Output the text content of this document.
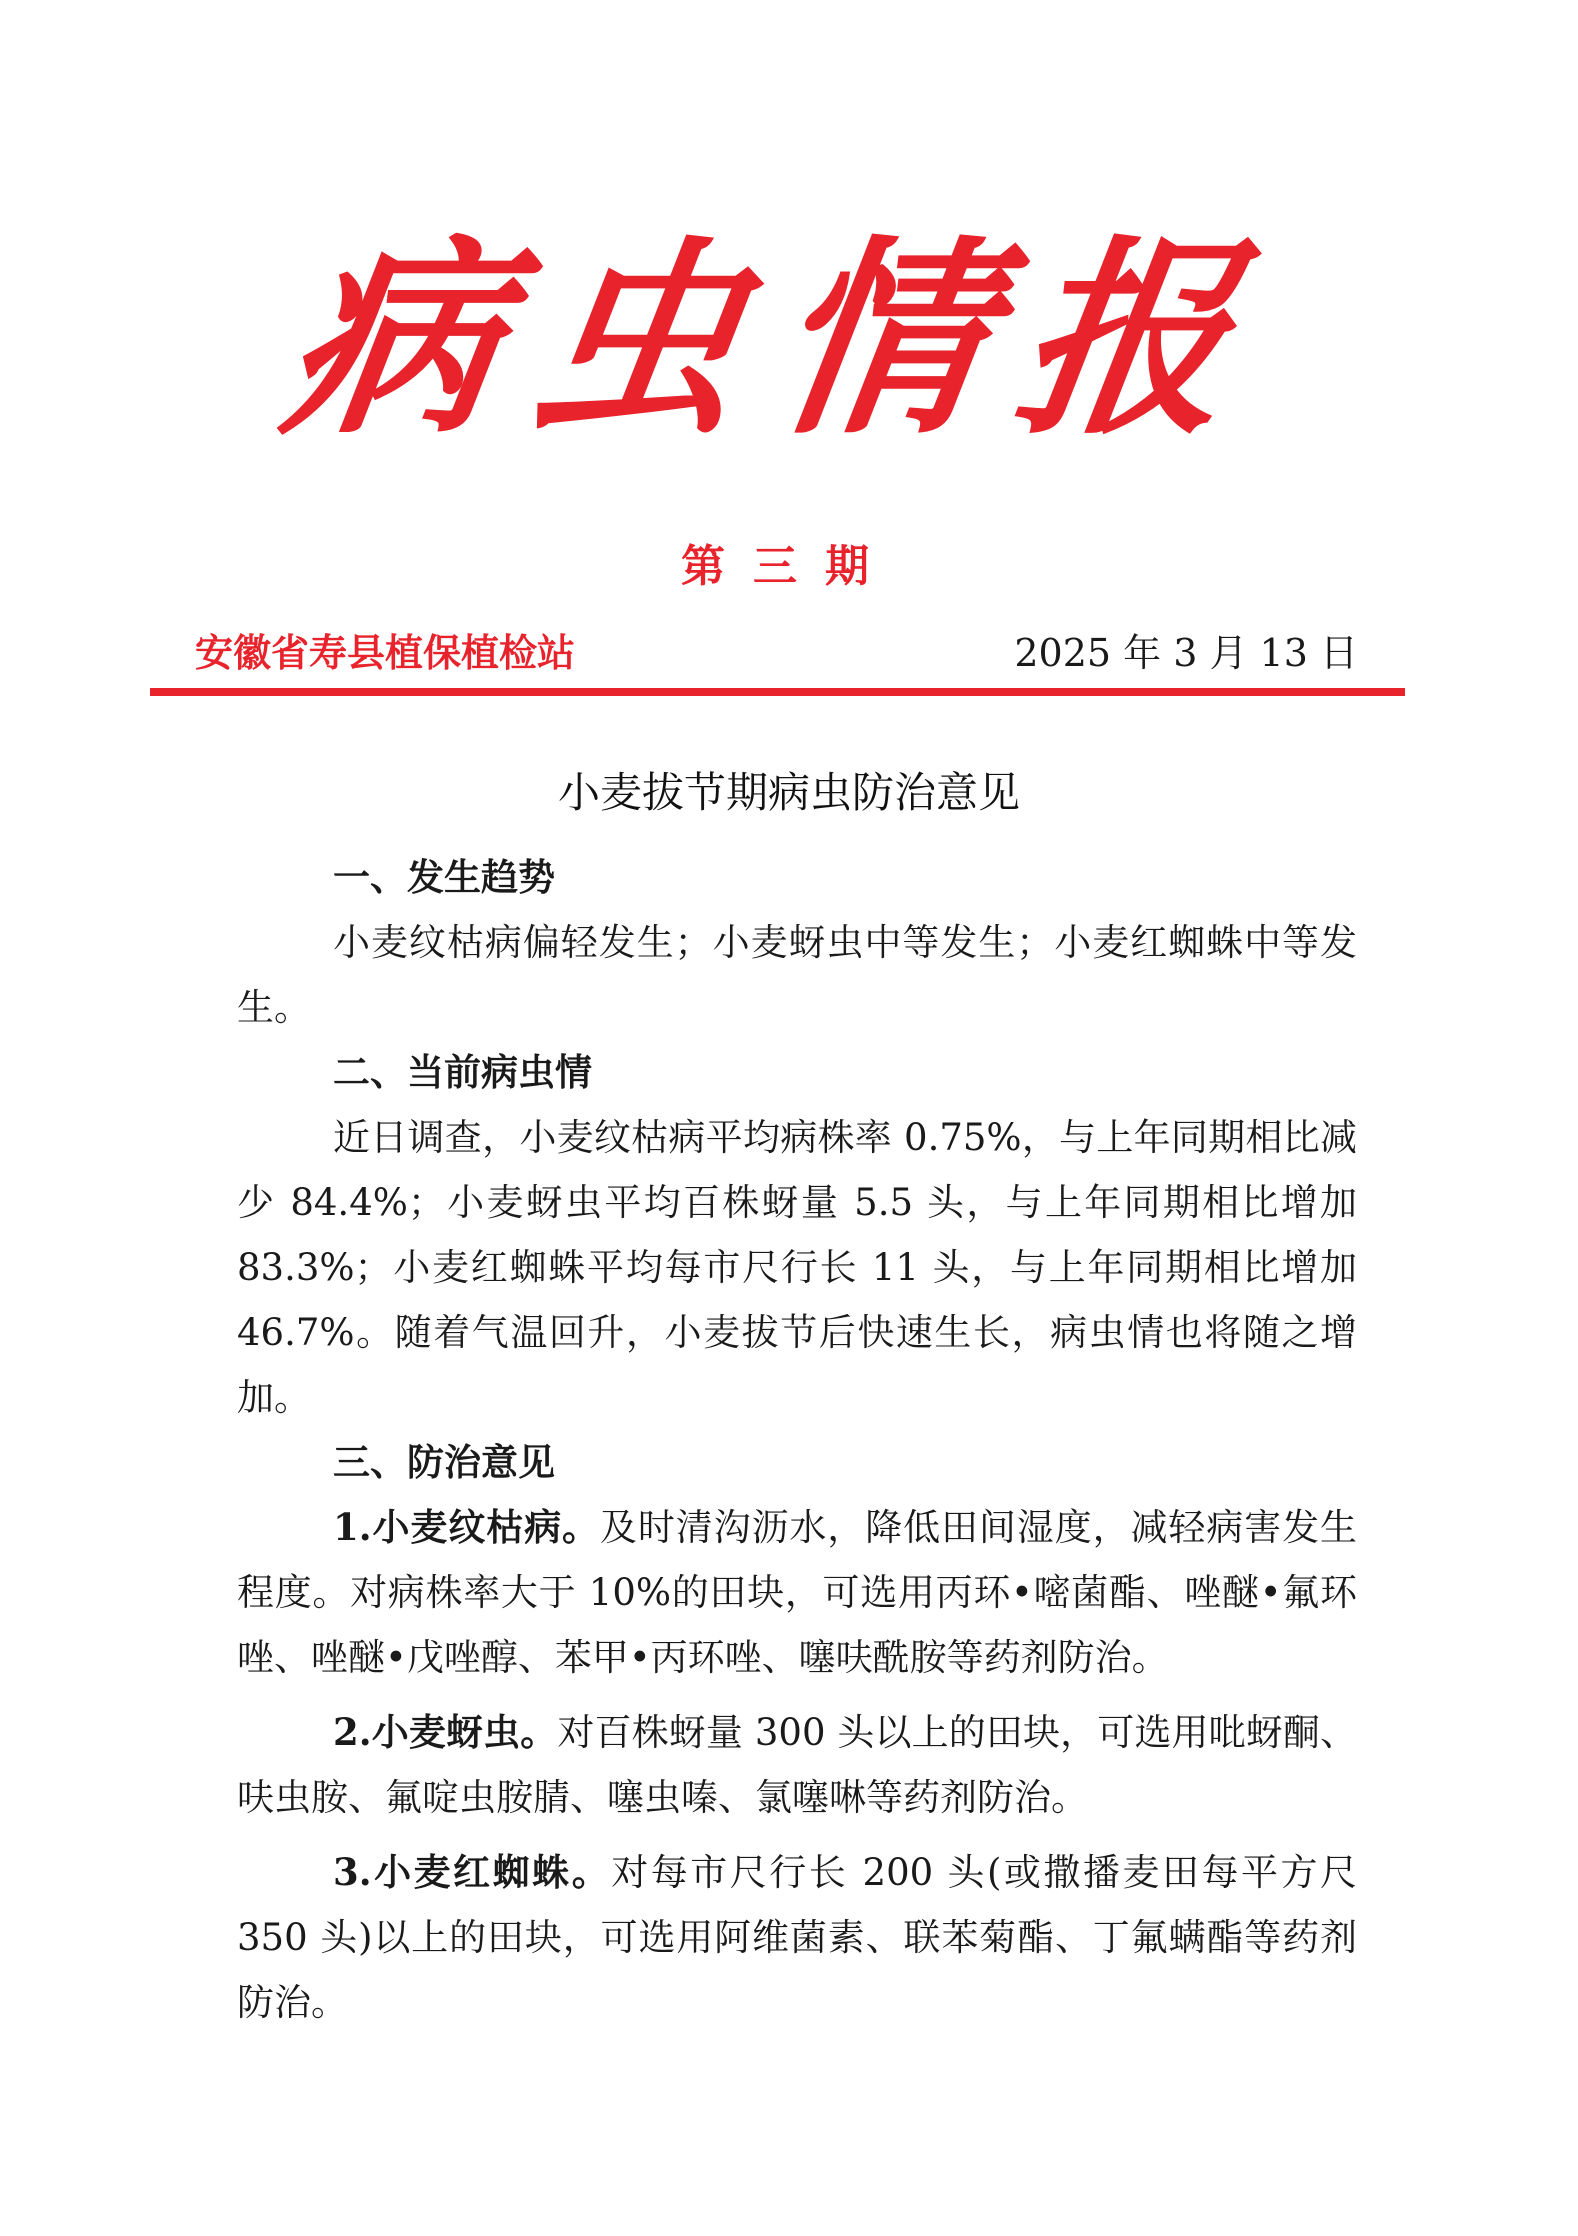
病
虫
情
报
第三期
安徽省寿县植保植检站	2025 年 3 月 13 日
小麦拔节期病虫防治意见

一、发生趋势

小麦纹枯病偏轻发生；小麦蚜虫中等发生；小麦红蜘蛛中等发生。

二、当前病虫情

近日调查，小麦纹枯病平均病株率 0.75%，与上年同期相比减少 84.4%；小麦蚜虫平均百株蚜量 5.5 头，与上年同期相比增加 83.3%；小麦红蜘蛛平均每市尺行长 11 头，与上年同期相比增加 46.7%。随着气温回升，小麦拔节后快速生长，病虫情也将随之增加。

三、防治意见

1.小麦纹枯病。及时清沟沥水，降低田间湿度，减轻病害发生程度。对病株率大于 10%的田块，可选用丙环•嘧菌酯、唑醚•氟环唑、唑醚•戊唑醇、苯甲•丙环唑、噻呋酰胺等药剂防治。

2.小麦蚜虫。对百株蚜量 300 头以上的田块，可选用吡蚜酮、呋虫胺、氟啶虫胺腈、噻虫嗪、氯噻啉等药剂防治。

3.小麦红蜘蛛。对每市尺行长 200 头(或撒播麦田每平方尺 350 头)以上的田块，可选用阿维菌素、联苯菊酯、丁氟螨酯等药剂防治。
